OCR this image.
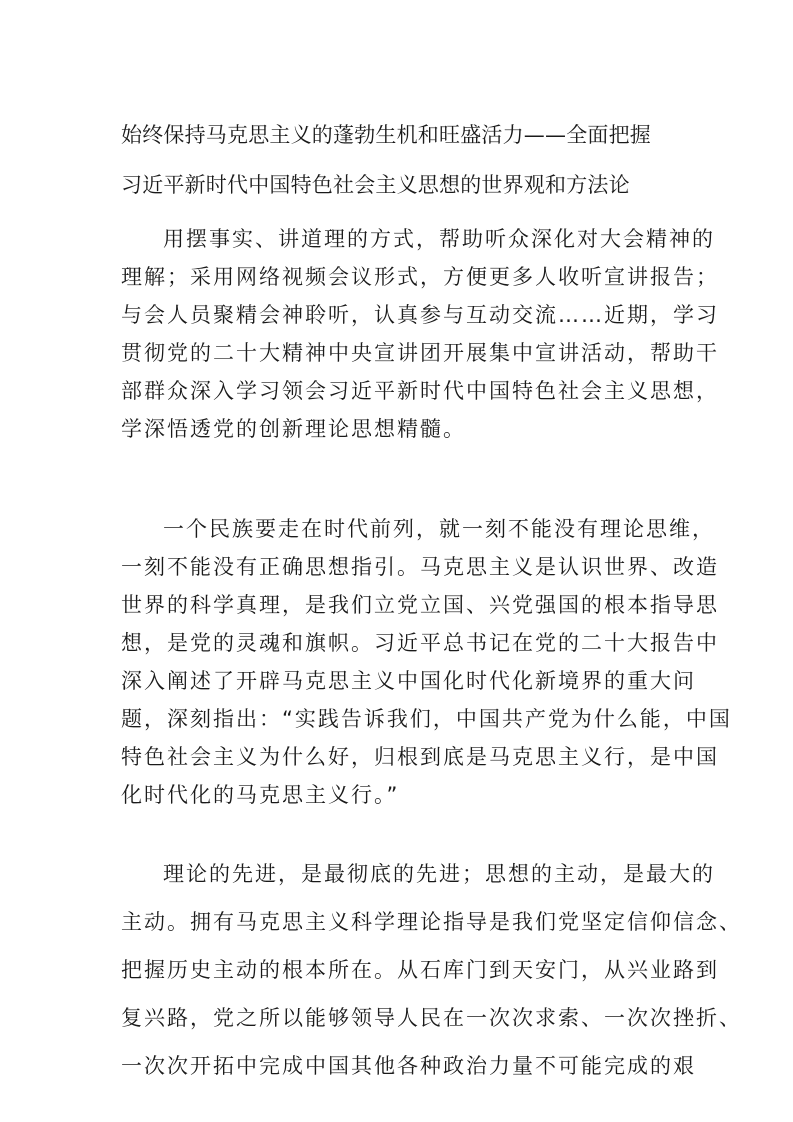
始终保持马克思主义的蓬勃生机和旺盛活力——全面把握
习近平新时代中国特色社会主义思想的世界观和方法论
用摆事实、讲道理的方式，帮助听众深化对大会精神的
理解；采用网络视频会议形式，方便更多人收听宣讲报告；
与会人员聚精会神聆听，认真参与互动交流……近期，学习
贯彻党的二十大精神中央宣讲团开展集中宣讲活动，帮助干
部群众深入学习领会习近平新时代中国特色社会主义思想，
学深悟透党的创新理论思想精髓。
一个民族要走在时代前列，就一刻不能没有理论思维，
一刻不能没有正确思想指引。马克思主义是认识世界、改造
世界的科学真理，是我们立党立国、兴党强国的根本指导思
想，是党的灵魂和旗帜。习近平总书记在党的二十大报告中
深入阐述了开辟马克思主义中国化时代化新境界的重大问
题，深刻指出：“实践告诉我们，中国共产党为什么能，中国
特色社会主义为什么好，归根到底是马克思主义行，是中国
化时代化的马克思主义行。”
理论的先进，是最彻底的先进；思想的主动，是最大的
主动。拥有马克思主义科学理论指导是我们党坚定信仰信念、
把握历史主动的根本所在。从石库门到天安门，从兴业路到
复兴路，党之所以能够领导人民在一次次求索、一次次挫折、
一次次开拓中完成中国其他各种政治力量不可能完成的艰
